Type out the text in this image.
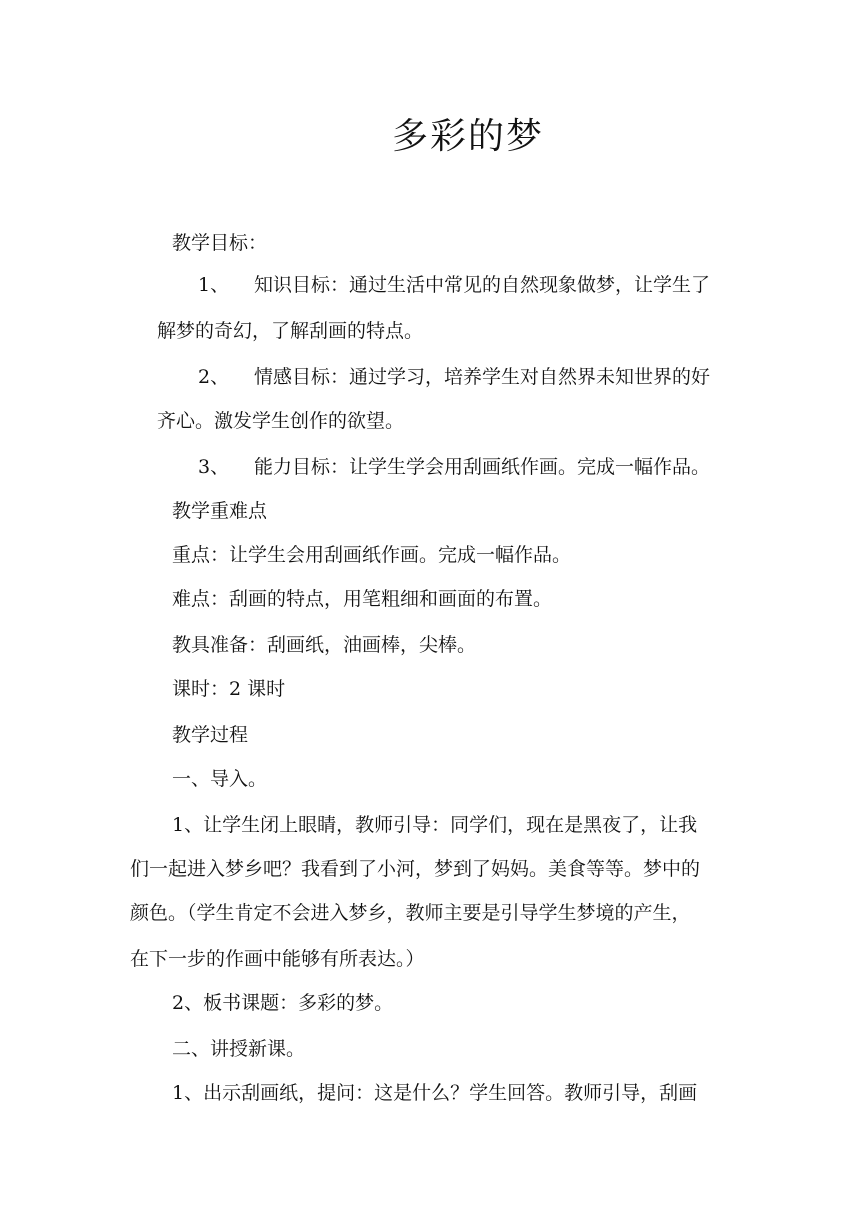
多彩的梦
教学目标：
1、 知识目标：通过生活中常见的自然现象做梦，让学生了
解梦的奇幻，了解刮画的特点。
2、 情感目标：通过学习，培养学生对自然界未知世界的好
齐心。激发学生创作的欲望。
3、 能力目标：让学生学会用刮画纸作画。完成一幅作品。
教学重难点
重点：让学生会用刮画纸作画。完成一幅作品。
难点：刮画的特点，用笔粗细和画面的布置。
教具准备：刮画纸，油画棒，尖棒。
课时：2 课时
教学过程
一、导入。
1、让学生闭上眼睛，教师引导：同学们，现在是黑夜了，让我
们一起进入梦乡吧？我看到了小河，梦到了妈妈。美食等等。梦中的
颜色。（学生肯定不会进入梦乡，教师主要是引导学生梦境的产生，
在下一步的作画中能够有所表达。）
2、板书课题：多彩的梦。
二、讲授新课。
1、出示刮画纸，提问：这是什么？学生回答。教师引导，刮画
